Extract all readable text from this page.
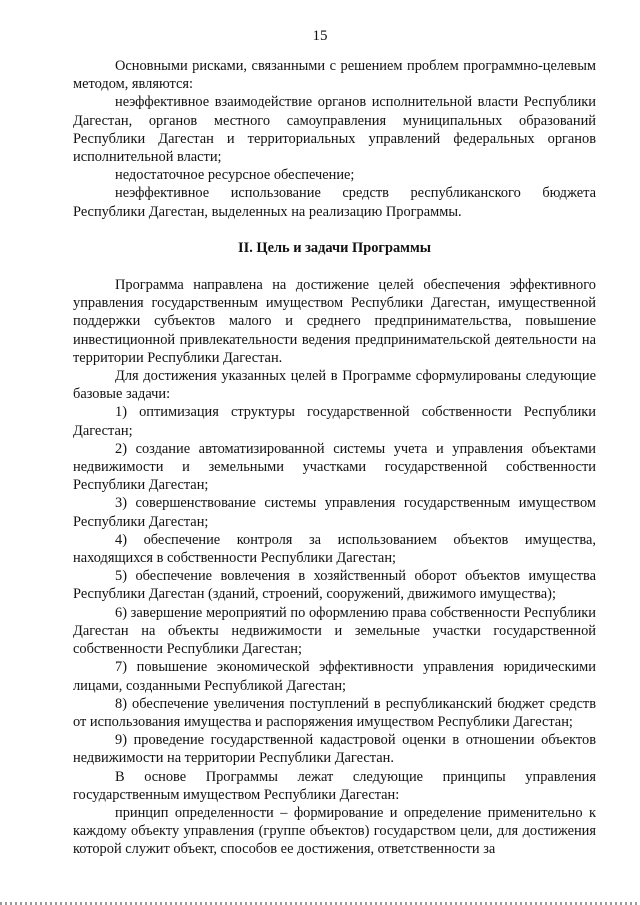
15

Основными рисками, связанными с решением проблем программно-целевым методом, являются:

неэффективное взаимодействие органов исполнительной власти Республики Дагестан, органов местного самоуправления муниципальных образований Республики Дагестан и территориальных управлений федеральных органов исполнительной власти;

недостаточное ресурсное обеспечение;

неэффективное использование средств республиканского бюджета Республики Дагестан, выделенных на реализацию Программы.

II. Цель и задачи Программы

Программа направлена на достижение целей обеспечения эффективного управления государственным имуществом Республики Дагестан, имущественной поддержки субъектов малого и среднего предпринимательства, повышение инвестиционной привлекательности ведения предпринимательской деятельности на территории Республики Дагестан.

Для достижения указанных целей в Программе сформулированы следующие базовые задачи:

1) оптимизация структуры государственной собственности Республики Дагестан;

2) создание автоматизированной системы учета и управления объектами недвижимости и земельными участками государственной собственности Республики Дагестан;

3) совершенствование системы управления государственным имуществом Республики Дагестан;

4) обеспечение контроля за использованием объектов имущества, находящихся в собственности Республики Дагестан;

5) обеспечение вовлечения в хозяйственный оборот объектов имущества Республики Дагестан (зданий, строений, сооружений, движимого имущества);

6) завершение мероприятий по оформлению права собственности Республики Дагестан на объекты недвижимости и земельные участки государственной собственности Республики Дагестан;

7) повышение экономической эффективности управления юридическими лицами, созданными Республикой Дагестан;

8) обеспечение увеличения поступлений в республиканский бюджет средств от использования имущества и распоряжения имуществом Республики Дагестан;

9) проведение государственной кадастровой оценки в отношении объектов недвижимости на территории Республики Дагестан.

В основе Программы лежат следующие принципы управления государственным имуществом Республики Дагестан:

принцип определенности – формирование и определение применительно к каждому объекту управления (группе объектов) государством цели, для достижения которой служит объект, способов ее достижения, ответственности за
